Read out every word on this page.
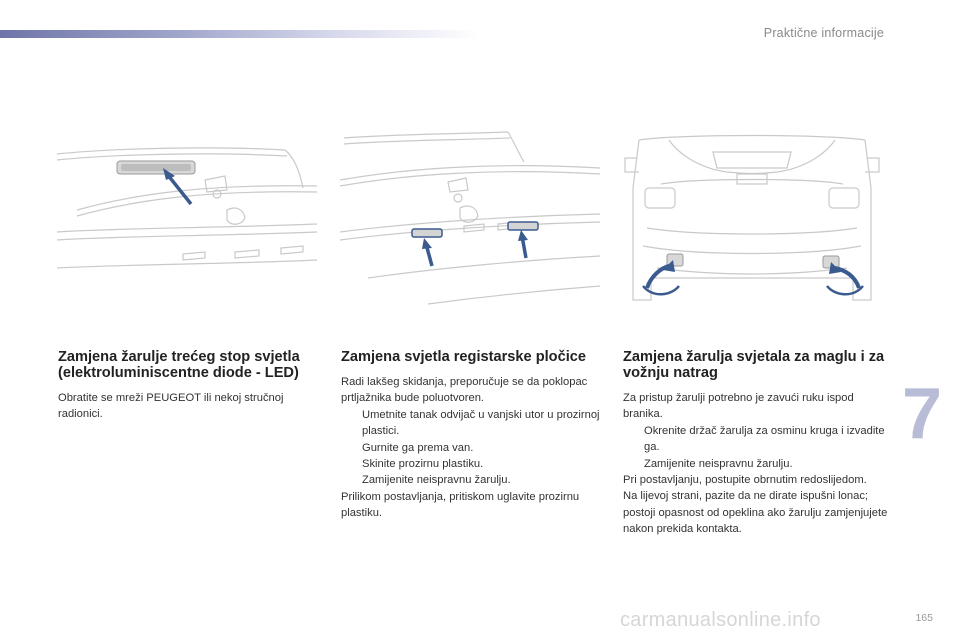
Praktične informacije
7
Zamjena žarulje trećeg stop svjetla (elektroluminiscentne diode - LED)

Obratite se mreži PEUGEOT ili nekoj stručnoj radionici.

Zamjena svjetla registarske pločice

Radi lakšeg skidanja, preporučuje se da poklopac prtljažnika bude poluotvoren.

Umetnite tanak odvijač u vanjski utor u prozirnoj plastici.
Gurnite ga prema van.
Skinite prozirnu plastiku.
Zamijenite neispravnu žarulju.

Prilikom postavljanja, pritiskom uglavite prozirnu plastiku.

Zamjena žarulja svjetala za maglu i za vožnju natrag

Za pristup žarulji potrebno je zavući ruku ispod branika.

Okrenite držač žarulja za osminu kruga i izvadite ga.
Zamijenite neispravnu žarulju.

Pri postavljanju, postupite obrnutim redoslijedom.

Na lijevoj strani, pazite da ne dirate ispušni lonac; postoji opasnost od opeklina ako žarulju zamjenjujete nakon prekida kontakta.

165
carmanualsonline.info
